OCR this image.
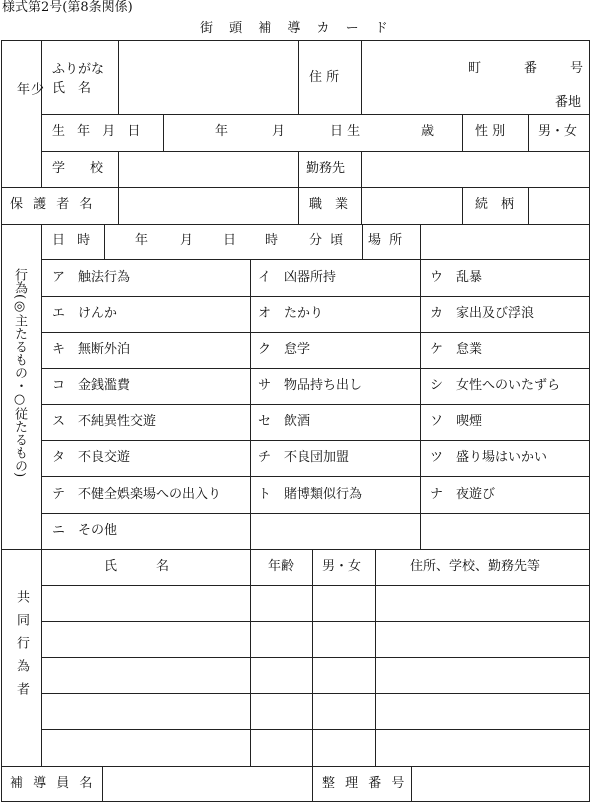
様式第2号(第8条関係)
街 頭 補 導 カ ー ド
少 年
ふりがな
氏　名
住 所
町	番	号
番地
生 年 月 日	年	月	日 生	歳	性 別	男・女
学　校	勤務先
保 護 者 名	職　業	続　柄
行為(◎主たるもの・○従たるもの)
日 時	年 月 日 時 分 頃 場 所
ア　触法行為	イ　凶器所持	ウ　乱暴
エ　けんか	オ　たかり	カ　家出及び浮浪
キ　無断外泊	ク　怠学	ケ　怠業
コ　金銭濫費	サ　物品持ち出し	シ　女性へのいたずら
ス　不純異性交遊	セ　飲酒	ソ　喫煙
タ　不良交遊	チ　不良団加盟	ツ　盛り場はいかい
テ　不健全娯楽場への出入り	ト　賭博類似行為	ナ　夜遊び
ニ　その他
共同行為者
氏　　　名	年齢 男・女	住所、学校、勤務先等
補 導 員 名	整 理 番 号
